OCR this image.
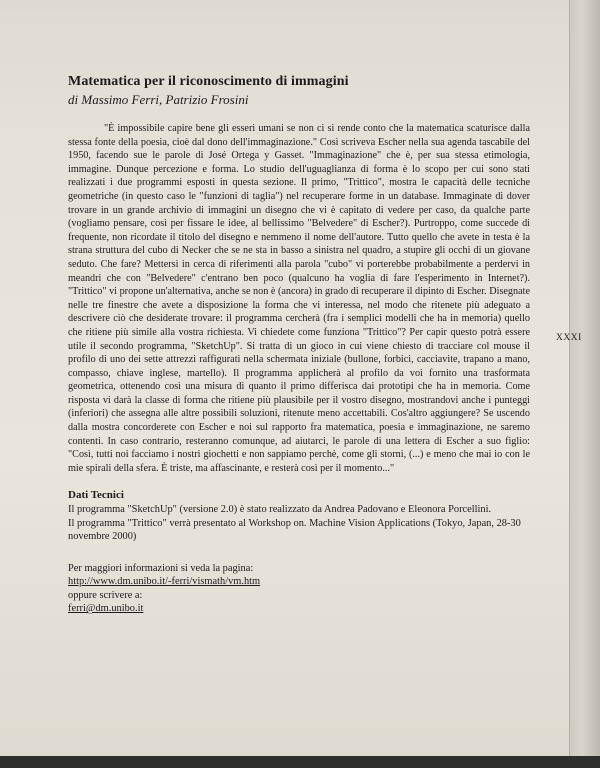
Matematica per il riconoscimento di immagini
di Massimo Ferri, Patrizio Frosini

"È impossibile capire bene gli esseri umani se non ci si rende conto che la matematica scaturisce dalla stessa fonte della poesia, cioè dal dono dell'immaginazione." Così scriveva Escher nella sua agenda tascabile del 1950, facendo sue le parole di José Ortega y Gasset. "Immaginazione" che è, per sua stessa etimologia, immagine. Dunque percezione e forma. Lo studio dell'uguaglianza di forma è lo scopo per cui sono stati realizzati i due programmi esposti in questa sezione. Il primo, "Trittico", mostra le capacità delle tecniche geometriche (in questo caso le "funzioni di taglia") nel recuperare forme in un database. Immaginate di dover trovare in un grande archivio di immagini un disegno che vi è capitato di vedere per caso, da qualche parte (vogliamo pensare, così per fissare le idee, al bellissimo "Belvedere" di Escher?). Purtroppo, come succede di frequente, non ricordate il titolo del disegno e nemmeno il nome dell'autore. Tutto quello che avete in testa è la strana struttura del cubo di Necker che se ne sta in basso a sinistra nel quadro, a stupire gli occhi di un giovane seduto. Che fare? Mettersi in cerca di riferimenti alla parola "cubo" vi porterebbe probabilmente a perdervi in meandri che con "Belvedere" c'entrano ben poco (qualcuno ha voglia di fare l'esperimento in Internet?). "Trittico" vi propone un'alternativa, anche se non è (ancora) in grado di recuperare il dipinto di Escher. Disegnate nelle tre finestre che avete a disposizione la forma che vi interessa, nel modo che ritenete più adeguato a descrivere ciò che desiderate trovare: il programma cercherà (fra i semplici modelli che ha in memoria) quello che ritiene più simile alla vostra richiesta. Vi chiedete come funziona "Trittico"? Per capir questo potrà essere utile il secondo programma, "SketchUp". Si tratta di un gioco in cui viene chiesto di tracciare col mouse il profilo di uno dei sette attrezzi raffigurati nella schermata iniziale (bullone, forbici, cacciavite, trapano a mano, compasso, chiave inglese, martello). Il programma applicherà al profilo da voi fornito una trasformata geometrica, ottenendo così una misura di quanto il primo differisca dai prototipi che ha in memoria. Come risposta vi darà la classe di forma che ritiene più plausibile per il vostro disegno, mostrandovi anche i punteggi (inferiori) che assegna alle altre possibili soluzioni, ritenute meno accettabili. Cos'altro aggiungere? Se uscendo dalla mostra concorderete con Escher e noi sul rapporto fra matematica, poesia e immaginazione, ne saremo contenti. In caso contrario, resteranno comunque, ad aiutarci, le parole di una lettera di Escher a suo figlio: "Così, tutti noi facciamo i nostri giochetti e non sappiamo perchè, come gli storni, (...) e meno che mai io con le mie spirali della sfera. È triste, ma affascinante, e resterà così per il momento..."

Dati Tecnici

Il programma "SketchUp" (versione 2.0) è stato realizzato da Andrea Padovano e Eleonora Porcellini.

Il programma "Trittico" verrà presentato al Workshop on. Machine Vision Applications (Tokyo, Japan, 28-30 novembre 2000)

Per maggiori informazioni si veda la pagina:
http://www.dm.unibo.it/-ferri/vismath/vm.htm
oppure scrivere a:
ferri@dm.unibo.it
XXXI
